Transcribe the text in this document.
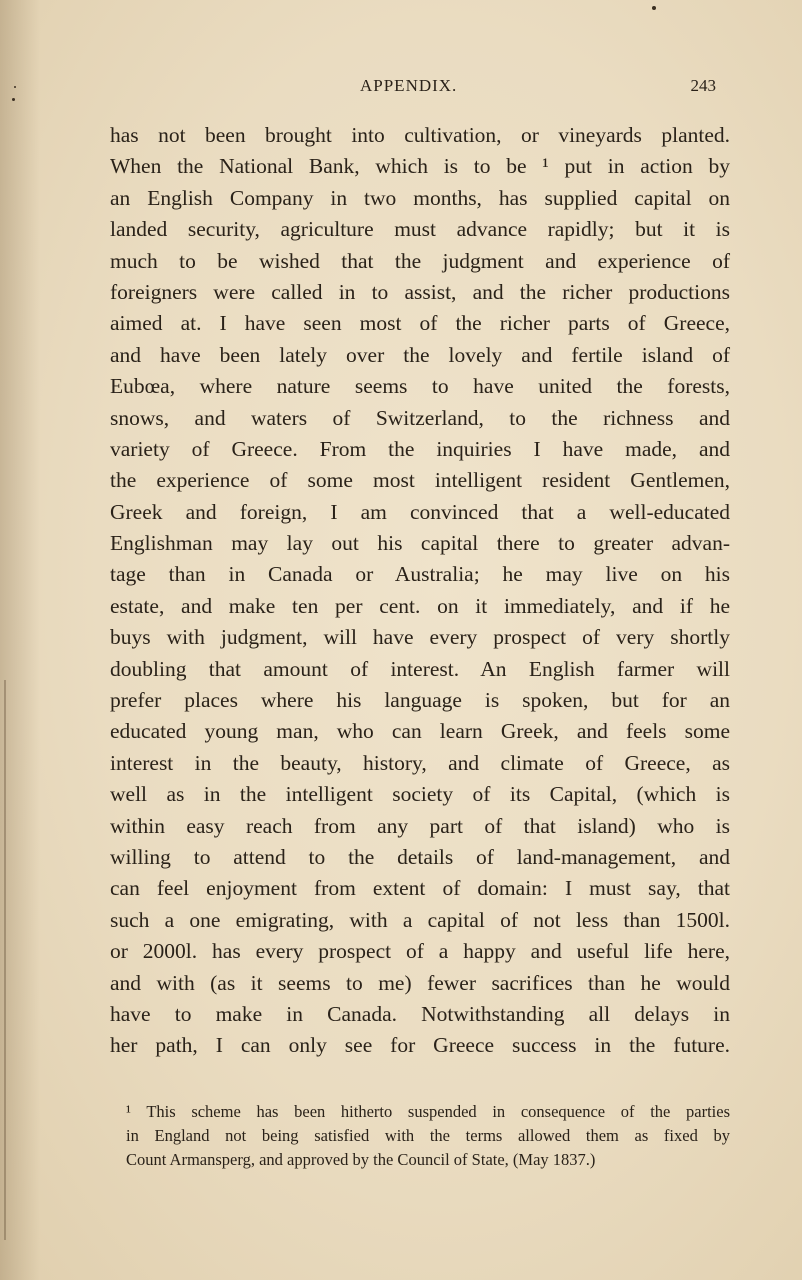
APPENDIX.	243
has not been brought into cultivation, or vineyards planted.
When the National Bank, which is to be ¹ put in action by
an English Company in two months, has supplied capital on
landed security, agriculture must advance rapidly; but it is
much to be wished that the judgment and experience of
foreigners were called in to assist, and the richer productions
aimed at. I have seen most of the richer parts of Greece,
and have been lately over the lovely and fertile island of
Eubœa, where nature seems to have united the forests,
snows, and waters of Switzerland, to the richness and
variety of Greece. From the inquiries I have made, and
the experience of some most intelligent resident Gentlemen,
Greek and foreign, I am convinced that a well-educated
Englishman may lay out his capital there to greater advan-
tage than in Canada or Australia; he may live on his
estate, and make ten per cent. on it immediately, and if he
buys with judgment, will have every prospect of very shortly
doubling that amount of interest. An English farmer will
prefer places where his language is spoken, but for an
educated young man, who can learn Greek, and feels some
interest in the beauty, history, and climate of Greece, as
well as in the intelligent society of its Capital, (which is
within easy reach from any part of that island) who is
willing to attend to the details of land-management, and
can feel enjoyment from extent of domain: I must say, that
such a one emigrating, with a capital of not less than 1500l.
or 2000l. has every prospect of a happy and useful life here,
and with (as it seems to me) fewer sacrifices than he would
have to make in Canada. Notwithstanding all delays in
her path, I can only see for Greece success in the future.
¹ This scheme has been hitherto suspended in consequence of the parties
in England not being satisfied with the terms allowed them as fixed by
Count Armansperg, and approved by the Council of State, (May 1837.)
